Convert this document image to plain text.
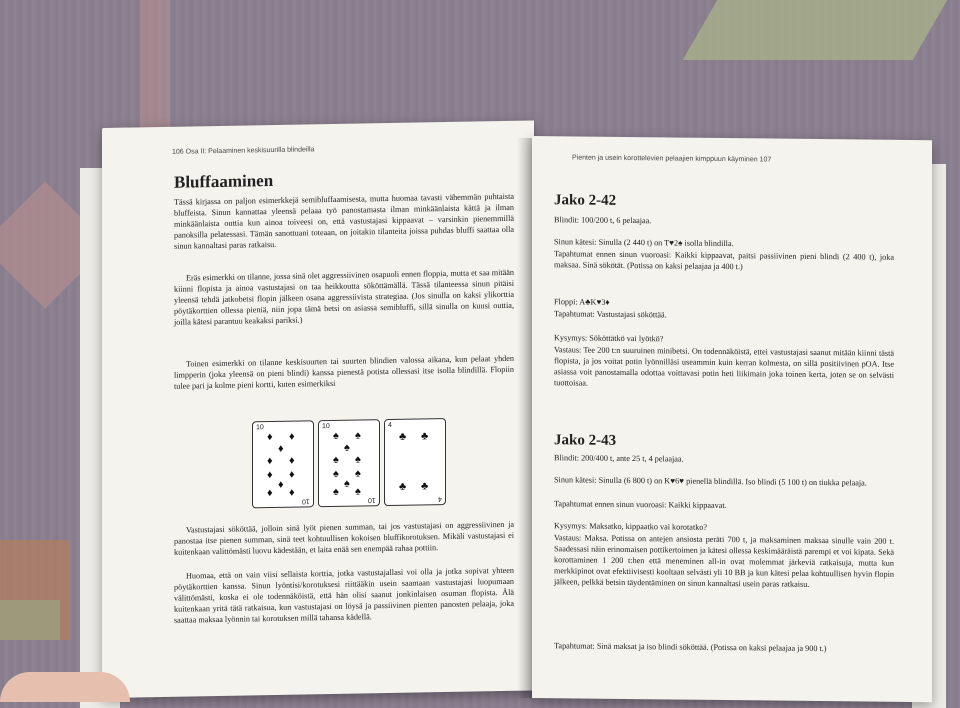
106 Osa II: Pelaaminen keskisuurilla blindeilla
Bluffaaminen

Tässä kirjassa on paljon esimerkkejä semibluffaamisesta, mutta huomaa tavasti vähemmän puhtaista bluffeista. Sinun kannattaa yleensä pelaaa työ panostamasta ilman minkäänlaista kättä ja ilman minkäänlaista outtia kun ainoa toiveesi on, että vastustajasi kippaavat – varsinkin pienemmillä panoksilla pelatessasi. Tämän sanottuani toteaan, on joitakin tilanteita joissa puhdas bluffi saattaa olla sinun kannaltasi paras ratkaisu.

Eräs esimerkki on tilanne, jossa sinä olet aggressiivinen osapuoli ennen floppia, mutta et saa mitään kiinni flopista ja ainoa vastustajasi on taa heikkoutta sököttämällä. Tässä tilanteessa sinun pitäisi yleensä tehdä jatkobetsi flopin jälkeen osana aggressiivista strategiaa. (Jos sinulla on kaksi ylikorttia pöytäkorttien ollessa pieniä, niin jopa tämä betsi on asiassa semibluffi, sillä sinulla on kuusi outtia, joilla kätesi parantuu keakaksi pariksi.)

Toinen esimerkki on tilanne keskisuurten tai suurten blindien valossa aikana, kun pelaat yhden limpperin (joka yleensä on pieni blindi) kanssa pienestä potista ollessasi itse isolla blindillä. Flopiin tulee pari ja kolme pieni kortti, kuten esimerkiksi

10
♦ ♦
♦
♦ ♦
♦ ♦
♦
♦ ♦
10
10
♠ ♠
♠
♠ ♠
♠ ♠
♠
♠ ♠
10
4
♣ ♣
♣ ♣
4

Vastustajasi sököttää, jolloin sinä lyöt pienen summan, tai jos vastustajasi on aggressiivinen ja panostaa itse pienen summan, sinä teet kohtuullisen kokoisen bluffikorotuksen. Mikäli vastustajasi ei kuitenkaan valittömästi luovu kädestään, et laita enää sen enempää rahaa pottiin.

Huomaa, että on vain viisi sellaista korttia, jotka vastustajallasi voi olla ja jotka sopivat yhteen pöytäkorttien kanssa. Sinun lyöntisi/korotuksesi riittääkin usein saamaan vastustajasi luopumaan välittömästi, koska ei ole todennäköistä, että hän olisi saanut jonkinlaisen osuman flopista. Älä kuitenkaan yritä tätä ratkaisua, kun vastustajasi on löysä ja passiivinen pienten panosten pelaaja, joka saattaa maksaa lyönnin tai korotuksen millä tahansa kädellä.

Pienten ja usein korottelevien pelaajien kimppuun käyminen 107
Jako 2-42

Blindit: 100/200 t, 6 pelaajaa.

Sinun kätesi: Sinulla (2 440 t) on T♥2♠ isolla blindilla.

Tapahtumat ennen sinun vuoroasi: Kaikki kippaavat, paitsi passiivinen pieni blindi (2 400 t), joka maksaa. Sinä sökötät. (Potissa on kaksi pelaajaa ja 400 t.)

Floppi: A♣K♥3♦

Tapahtumat: Vastustajasi sököttää.

Kysymys: Sököttätkö vai lyötkö?

Vastaus: Tee 200 t:n suuruinen minibetsi. On todennäköistä, ettei vastustajasi saanut mitään kiinni tästä flopista, ja jos voitat potin lyönnilläsi useammin kuin kerran kolmesta, on sillä positiivinen pOA. Itse asiassa voit panostamalla odottaa voittavasi potin heti liikimain joka toinen kerta, joten se on selvästi tuottoisaa.

Jako 2-43

Blindit: 200/400 t, ante 25 t, 4 pelaajaa.

Sinun kätesi: Sinulla (6 800 t) on K♥6♥ pienellä blindillä. Iso blindi (5 100 t) on tiukka pelaaja.

Tapahtumat ennen sinun vuoroasi: Kaikki kippaavat.

Kysymys: Maksatko, kippaatko vai korotatko?

Vastaus: Maksa. Potissa on antejen ansiosta peräti 700 t, ja maksaminen maksaa sinulle vain 200 t. Saadessasi näin erinomaisen pottikertoimen ja kätesi ollessa keskimääräistä parempi et voi kipata. Sekä korottaminen 1 200 t:hen että meneminen all-in ovat molemmat järkeviä ratkaisuja, mutta kun merkkipinot ovat efektiivisesti kooltaan selvästi yli 10 BB ja kun kätesi pelaa kohtuullisen hyvin flopin jälkeen, pelkkä betsin täydentäminen on sinun kannaltasi usein paras ratkaisu.

Tapahtumat: Sinä maksat ja iso blindi sököttää. (Potissa on kaksi pelaajaa ja 900 t.)
